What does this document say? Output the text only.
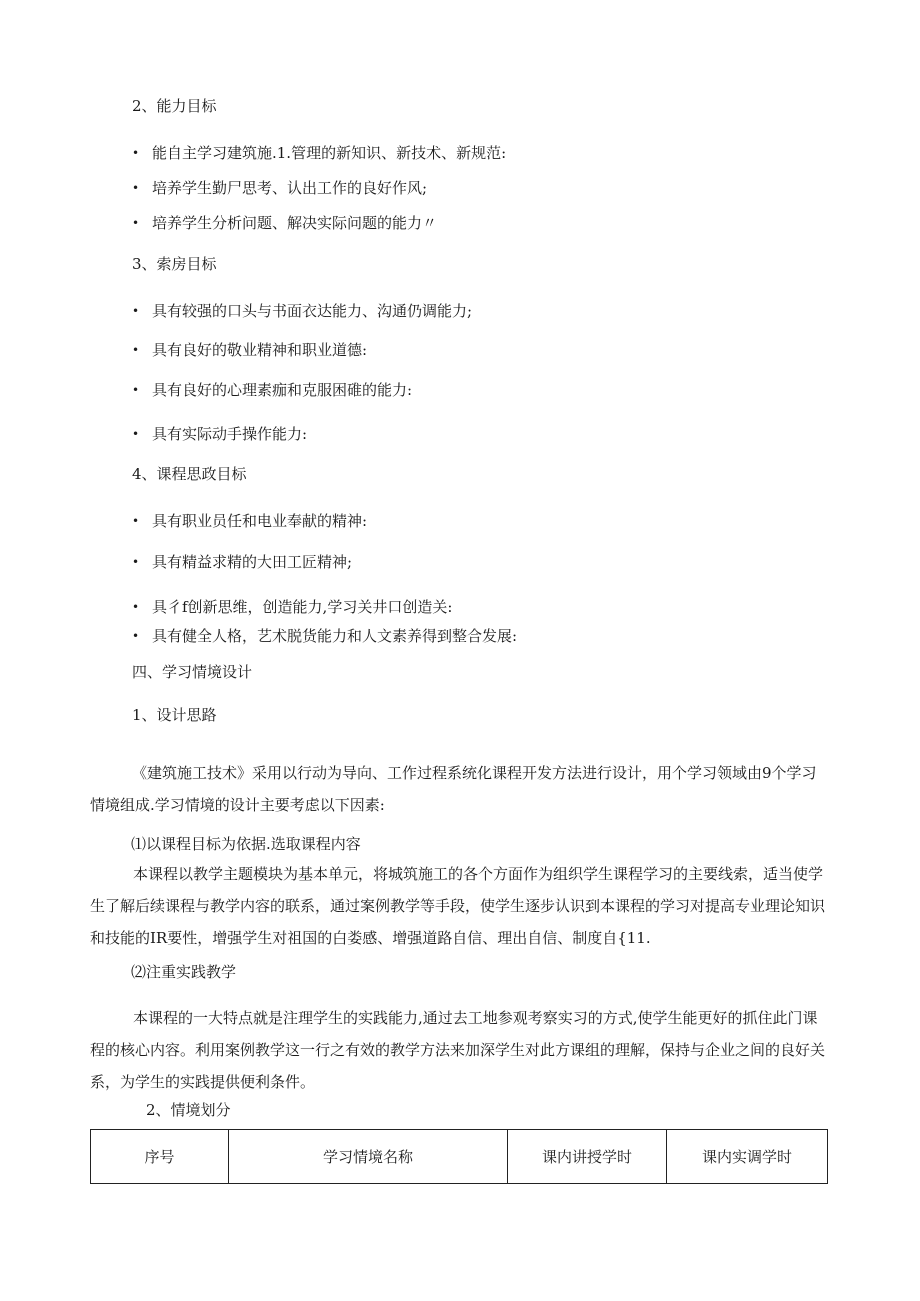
2、能力目标
• 能自主学习建筑施.1.管理的新知识、新技术、新规范:
• 培养学生勤尸思考、认出工作的良好作风;
• 培养学生分析问题、解决实际问题的能力〃
3、索房目标
• 具有较强的口头与书面衣达能力、沟通仍调能力;
• 具有良好的敬业精神和职业道德:
• 具有良好的心理素痂和克服困碓的能力:
• 具有实际动手操作能力:
4、课程思政目标
• 具有职业员任和电业奉献的精神:
• 具有精益求精的大田工匠精神;
• 具彳f创新思维，创造能力,学习关井口创造关:
• 具有健全人格，艺术脱货能力和人文素养得到整合发展:
四、学习情境设计
1、设计思路
《建筑施工技术》采用以行动为导向、工作过程系统化课程开发方法进行设计，用个学习领域由9个学习情境组成.学习情境的设计主要考虑以下因素:
⑴以课程目标为依据.选取课程内容
本课程以教学主题模块为基本单元，将城筑施工的各个方面作为组织学生课程学习的主要线索，适当使学生了解后续课程与教学内容的联系，通过案例教学等手段，使学生逐步认识到本课程的学习对提高专业理论知识和技能的IR要性，增强学生对祖国的白娄感、增强道路自信、理出自信、制度自{11.
⑵注重实践教学
本课程的一大特点就是注理学生的实践能力,通过去工地参观考察实习的方式,使学生能更好的抓住此门课程的核心内容。利用案例教学这一行之有效的教学方法来加深学生对此方课组的理解，保持与企业之间的良好关系，为学生的实践提供便利条件。
2、情境划分
序号	学习情境名称	课内讲授学时	课内实调学时
